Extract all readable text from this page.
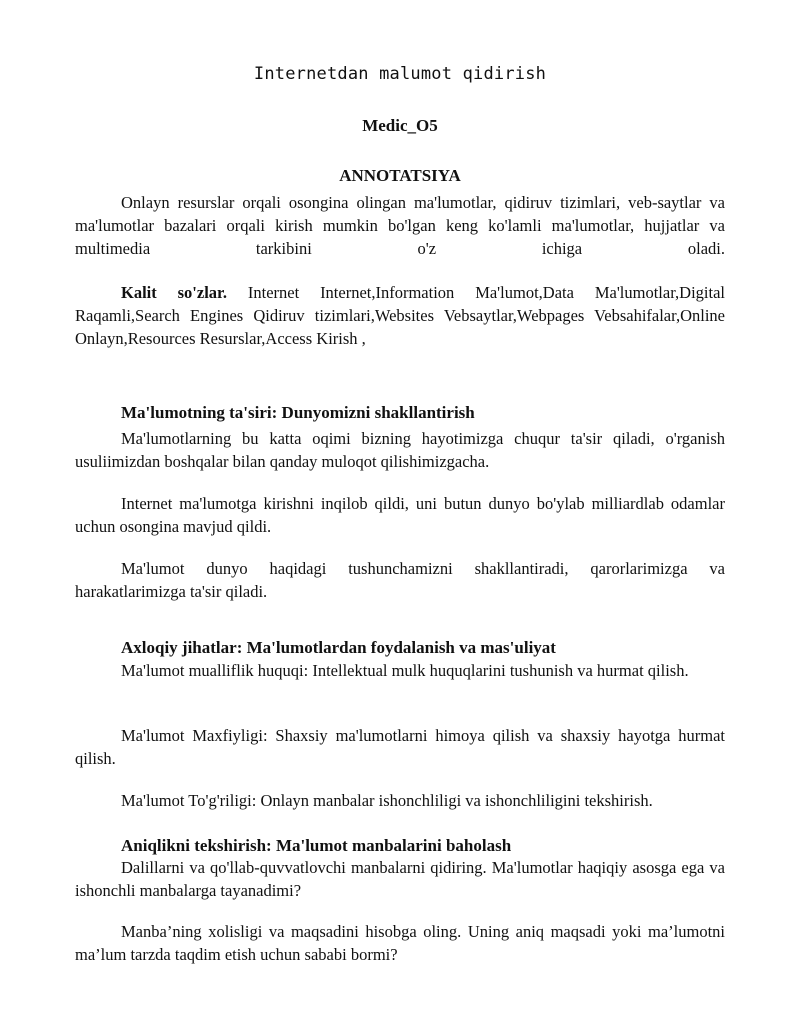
Internetdan malumot qidirish
Medic_O5
ANNOTATSIYA

Onlayn resurslar orqali osongina olingan ma'lumotlar, qidiruv tizimlari, veb-saytlar va ma'lumotlar bazalari orqali kirish mumkin bo'lgan keng ko'lamli ma'lumotlar, hujjatlar va multimedia tarkibini o'z ichiga oladi.

Kalit so'zlar. Internet Internet,Information Ma'lumot,Data Ma'lumotlar,Digital Raqamli,Search Engines Qidiruv tizimlari,Websites Vebsaytlar,Webpages Vebsahifalar,Online Onlayn,Resources Resurslar,Access Kirish ,

Ma'lumotning ta'siri: Dunyomizni shakllantirish

Ma'lumotlarning bu katta oqimi bizning hayotimizga chuqur ta'sir qiladi, o'rganish usuliimizdan boshqalar bilan qanday muloqot qilishimizgacha.

Internet ma'lumotga kirishni inqilob qildi, uni butun dunyo bo'ylab milliardlab odamlar uchun osongina mavjud qildi.

Ma'lumot dunyo haqidagi tushunchamizni shakllantiradi, qarorlarimizga va harakatlarimizga ta'sir qiladi.

Axloqiy jihatlar: Ma'lumotlardan foydalanish va mas'uliyat

Ma'lumot mualliflik huquqi: Intellektual mulk huquqlarini tushunish va hurmat qilish.

Ma'lumot Maxfiyligi: Shaxsiy ma'lumotlarni himoya qilish va shaxsiy hayotga hurmat qilish.

Ma'lumot To'g'riligi: Onlayn manbalar ishonchliligi va ishonchliligini tekshirish.

Aniqlikni tekshirish: Ma'lumot manbalarini baholash

Dalillarni va qo'llab-quvvatlovchi manbalarni qidiring. Ma'lumotlar haqiqiy asosga ega va ishonchli manbalarga tayanadimi?

Manba’ning xolisligi va maqsadini hisobga oling. Uning aniq maqsadi yoki ma’lumotni ma’lum tarzda taqdim etish uchun sababi bormi?
